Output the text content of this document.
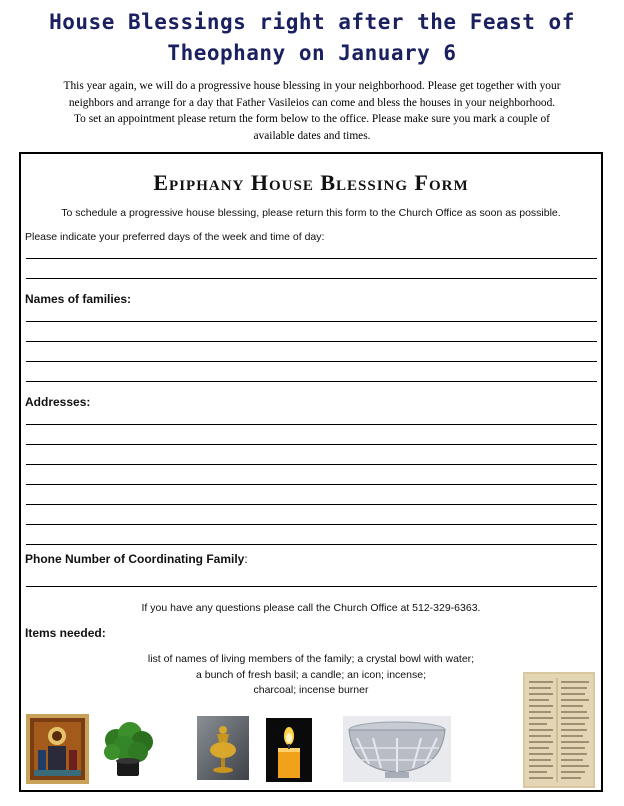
House Blessings right after the Feast of
Theophany on January 6
This year again, we will do a progressive house blessing in your neighborhood. Please get together with your
neighbors and arrange for a day that Father Vasileios can come and bless the houses in your neighborhood.
To set an appointment please return the form below to the office. Please make sure you mark a couple of
available dates and times.
Epiphany House Blessing Form
To schedule a progressive house blessing, please return this form to the Church Office as soon as possible.
Please indicate your preferred days of the week and time of day:
Names of families:
Addresses:
Phone Number of Coordinating Family:
If you have any questions please call the Church Office at 512-329-6363.
Items needed:
list of names of living members of the family; a crystal bowl with water;
a bunch of fresh basil; a candle; an icon; incense;
charcoal; incense burner
